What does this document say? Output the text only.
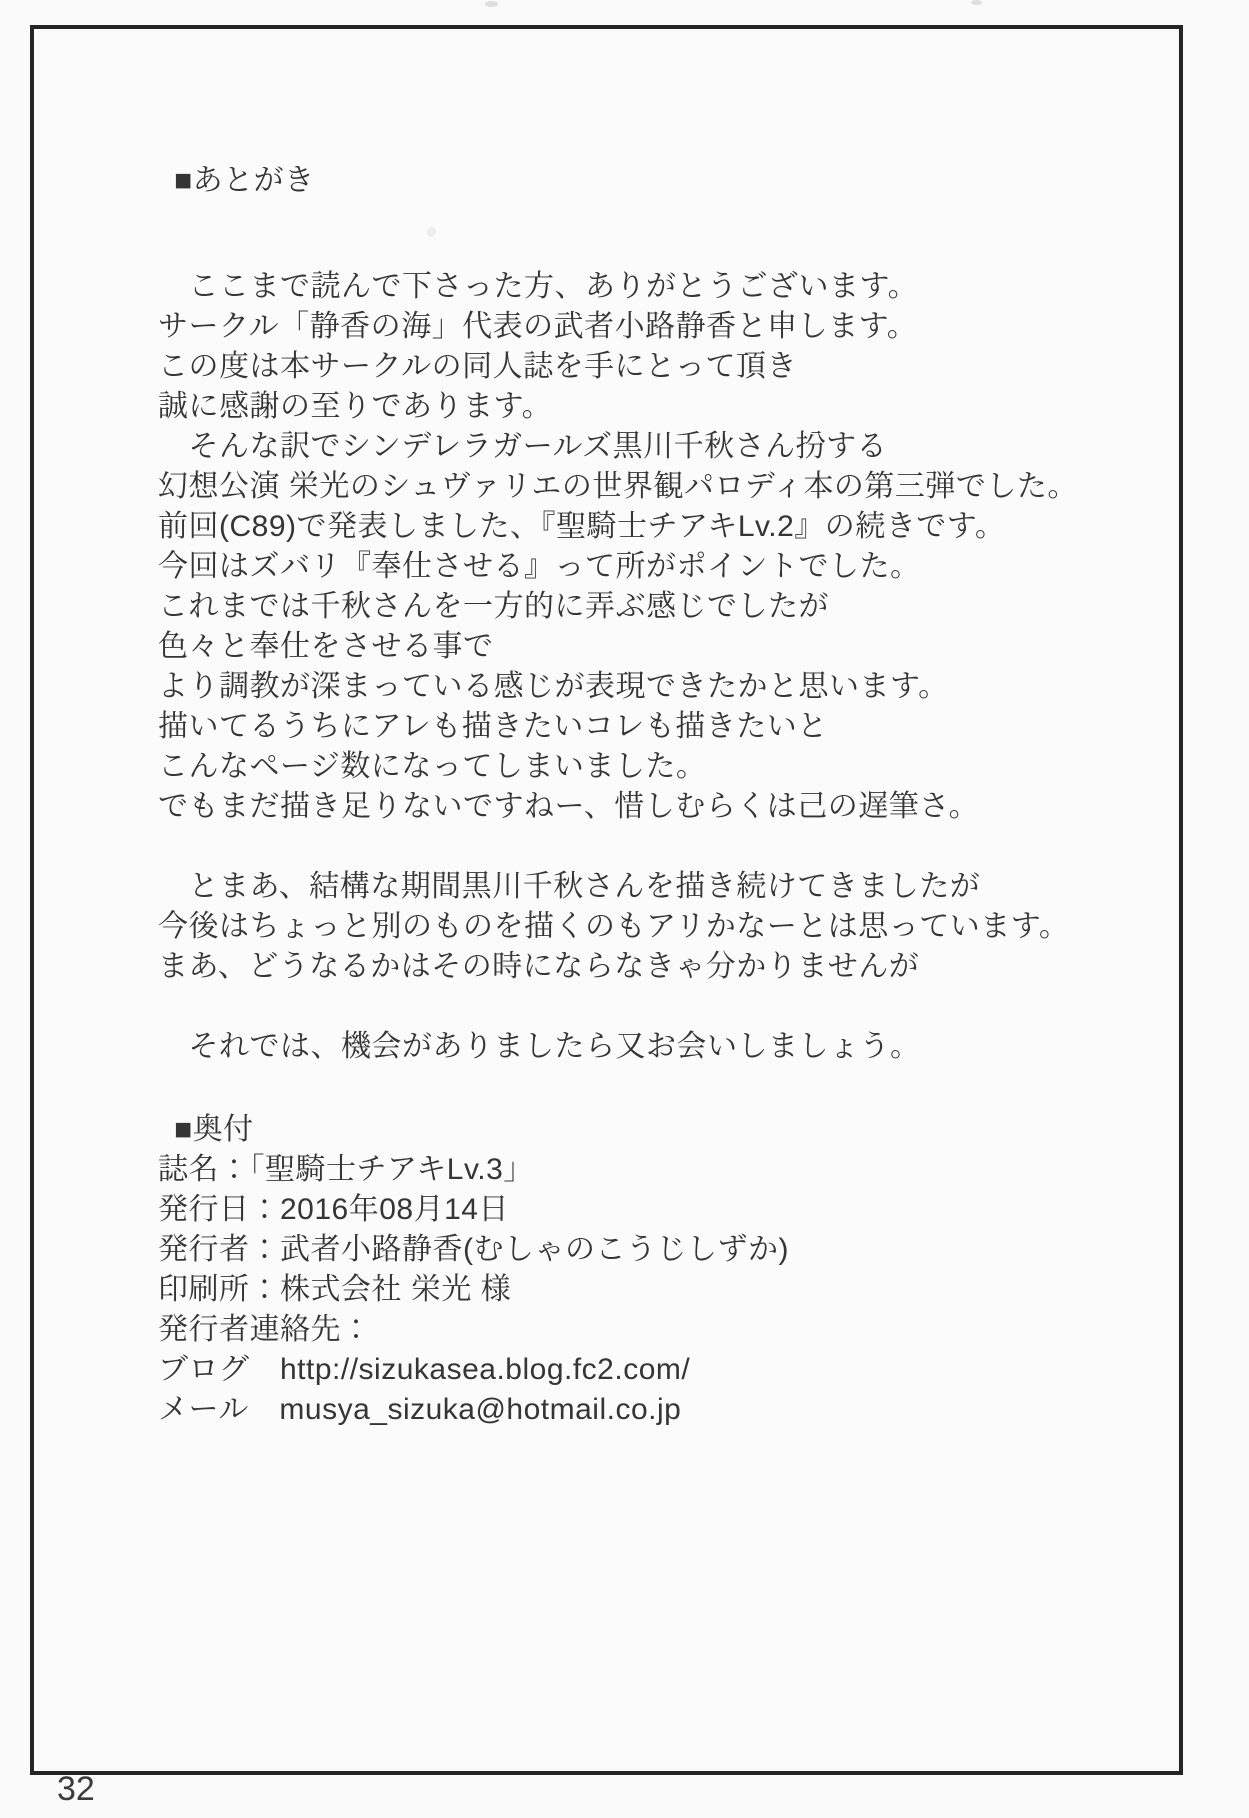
■あとがき
　ここまで読んで下さった方、ありがとうございます。
サークル「静香の海」代表の武者小路静香と申します。
この度は本サークルの同人誌を手にとって頂き
誠に感謝の至りであります。
　そんな訳でシンデレラガールズ黒川千秋さん扮する
幻想公演 栄光のシュヴァリエの世界観パロディ本の第三弾でした。
前回(C89)で発表しました、『聖騎士チアキLv.2』の続きです。
今回はズバリ『奉仕させる』って所がポイントでした。
これまでは千秋さんを一方的に弄ぶ感じでしたが
色々と奉仕をさせる事で
より調教が深まっている感じが表現できたかと思います。
描いてるうちにアレも描きたいコレも描きたいと
こんなページ数になってしまいました。
でもまだ描き足りないですねー、惜しむらくは己の遅筆さ。
　とまあ、結構な期間黒川千秋さんを描き続けてきましたが
今後はちょっと別のものを描くのもアリかなーとは思っています。
まあ、どうなるかはその時にならなきゃ分かりませんが
　それでは、機会がありましたら又お会いしましょう。
■奥付
誌名：「聖騎士チアキLv.3」
発行日：2016年08月14日
発行者：武者小路静香(むしゃのこうじしずか)
印刷所：株式会社 栄光 様
発行者連絡先：
ブログ　http://sizukasea.blog.fc2.com/
メール　musya_sizuka@hotmail.co.jp
32
